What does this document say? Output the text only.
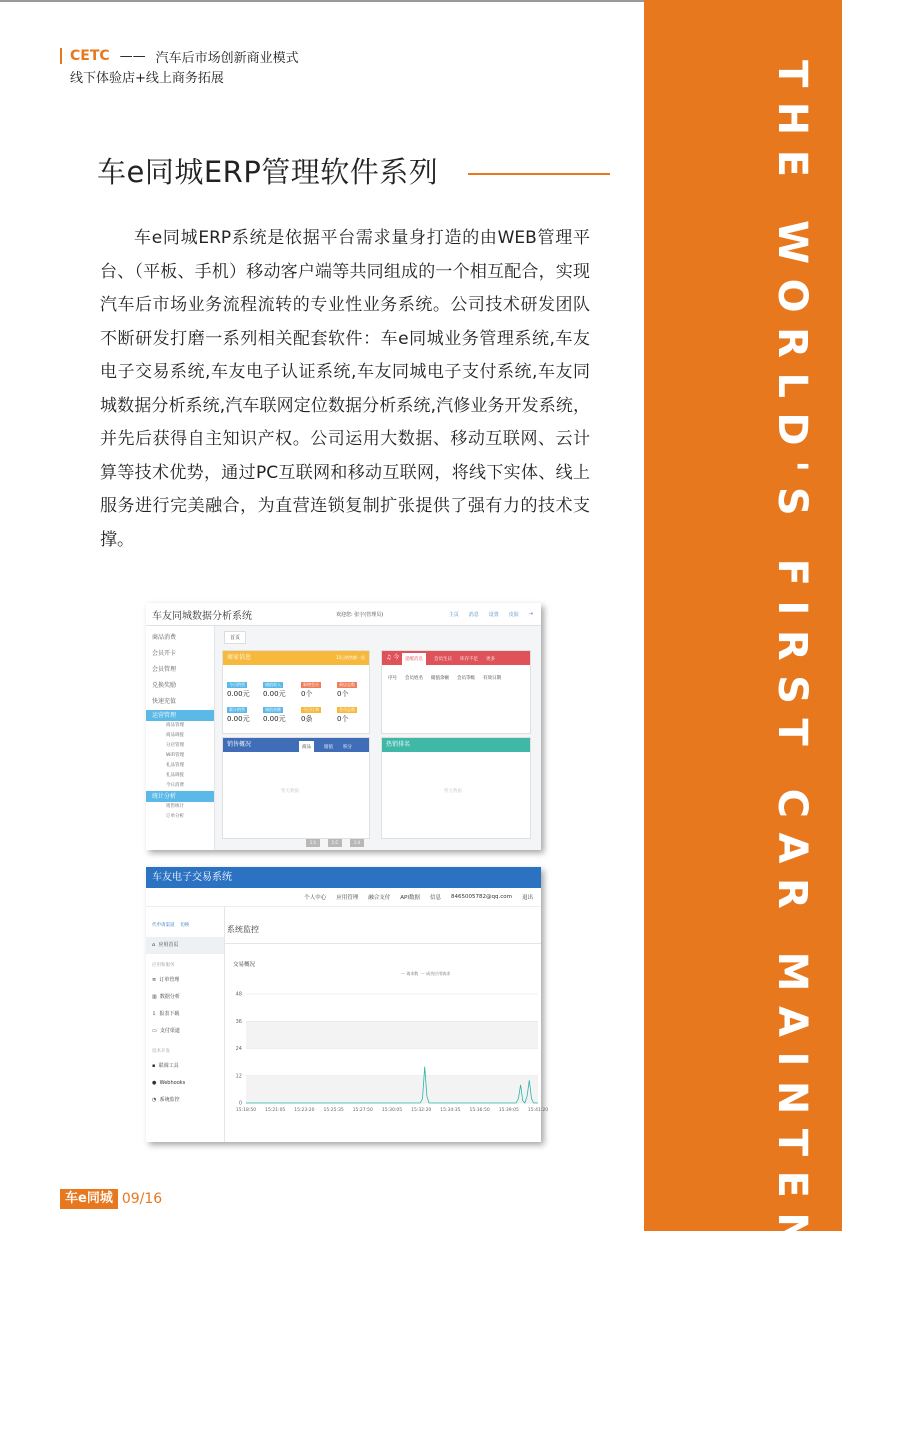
THE WORLD'S FIRST CAR MAINTENANCE
CETC —— 汽车后市场创新商业模式
线下体验店+线上商务拓展
车e同城ERP管理软件系列

车e同城ERP系统是依据平台需求量身打造的由WEB管理平台、（平板、手机）移动客户端等共同组成的一个相互配合，实现汽车后市场业务流程流转的专业性业务系统。公司技术研发团队不断研发打磨一系列相关配套软件：车e同城业务管理系统,车友电子交易系统,车友电子认证系统,车友同城电子支付系统,车友同城数据分析系统,汽车联网定位数据分析系统,汽修业务开发系统，并先后获得自主知识产权。公司运用大数据、移动互联网、云计算等技术优势，通过PC互联网和移动互联网，将线下实体、线上服务进行完美融合，为直营连锁复制扩张提供了强有力的技术支撑。

车友同城数据分析系统	欢迎您: 张宇(管理员)	主页 消息 设置 皮肤 ⇥
商品消费
会员开卡
会员管理
兑换奖励
快速充值
运营管理
商品管理
商品调拨
分店管理
WiFi管理
礼品管理
礼品调拨
今日消费
统计分析
销售统计
订单分析
首页
商家信息	15日销售额一览
今日销售
0.00元
储值收入
0.00元
新增会员
0个
到店总数
0个
累计销售
0.00元
储值余额
0.00元
今日订单
0条
会员总数
0个
♫ 今	提醒消息	会员生日 库存不足 更多
序号 会员姓名 储值余额 会员等级 有效日期
销售概况	商品	储值 积分
暂无数据
热销排名
暂无数据
1:1	1:C	1:4
车友电子交易系统
个人中心 应用管理 融合支付 API数据 信息 8465005782@qq.com 退出
代申请渠道 切换
⌂ 应用首页
应用和服务
≡ 订单管理
▥ 数据分析
⇩ 报表下载
▭ 支付渠道
技术开发
▪ 联调工具
● Webhooks
◔ 系统监控
系统监控
交易概况
— 请求数 — 成功应用请求
0
12
24
36
48
15:18:50 15:21:05 15:23:20 15:25:35 15:27:50 15:30:05 15:32:20 15:34:35 15:36:50 15:39:05 15:41:20
车e同城 09/16
